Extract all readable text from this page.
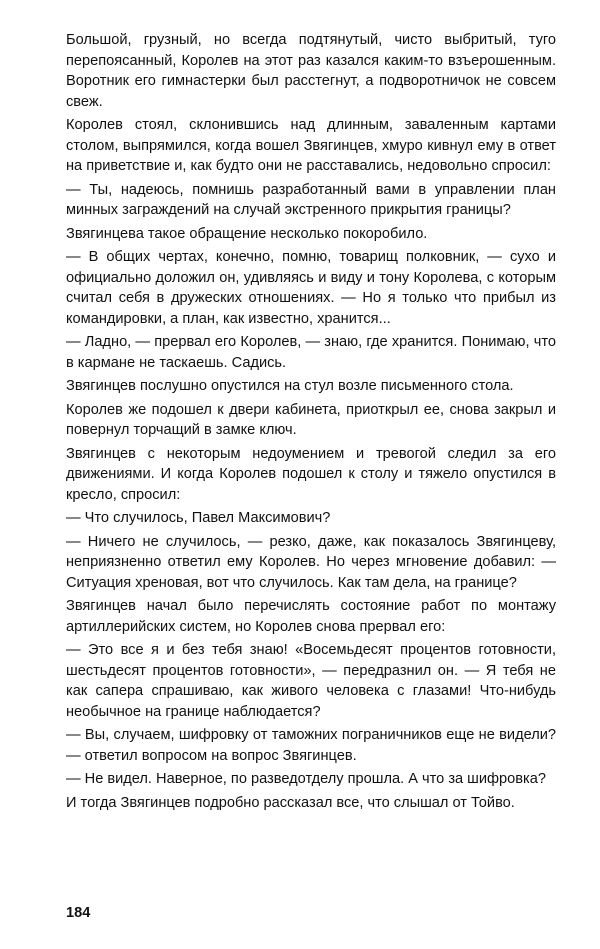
Большой, грузный, но всегда подтянутый, чисто выбритый, туго перепоясанный, Королев на этот раз казался каким-то взъерошенным. Воротник его гимнастерки был расстегнут, а подворотничок не совсем свеж.

Королев стоял, склонившись над длинным, заваленным картами столом, выпрямился, когда вошел Звягинцев, хмуро кивнул ему в ответ на приветствие и, как будто они не расставались, недовольно спросил:

— Ты, надеюсь, помнишь разработанный вами в управлении план минных заграждений на случай экстренного прикрытия границы?

Звягинцева такое обращение несколько покоробило.

— В общих чертах, конечно, помню, товарищ полковник, — сухо и официально доложил он, удивляясь и виду и тону Королева, с которым считал себя в дружеских отношениях. — Но я только что прибыл из командировки, а план, как известно, хранится...

— Ладно, — прервал его Королев, — знаю, где хранится. Понимаю, что в кармане не таскаешь. Садись.

Звягинцев послушно опустился на стул возле письменного стола.

Королев же подошел к двери кабинета, приоткрыл ее, снова закрыл и повернул торчащий в замке ключ.

Звягинцев с некоторым недоумением и тревогой следил за его движениями. И когда Королев подошел к столу и тяжело опустился в кресло, спросил:

— Что случилось, Павел Максимович?

— Ничего не случилось, — резко, даже, как показалось Звягинцеву, неприязненно ответил ему Королев. Но через мгновение добавил: — Ситуация хреновая, вот что случилось. Как там дела, на границе?

Звягинцев начал было перечислять состояние работ по монтажу артиллерийских систем, но Королев снова прервал его:

— Это все я и без тебя знаю! «Восемьдесят процентов готовности, шестьдесят процентов готовности», — передразнил он. — Я тебя не как сапера спрашиваю, как живого человека с глазами! Что-нибудь необычное на границе наблюдается?

— Вы, случаем, шифровку от таможних пограничников еще не видели? — ответил вопросом на вопрос Звягинцев.

— Не видел. Наверное, по разведотделу прошла. А что за шифровка?

И тогда Звягинцев подробно рассказал все, что слышал от Тойво.

184
